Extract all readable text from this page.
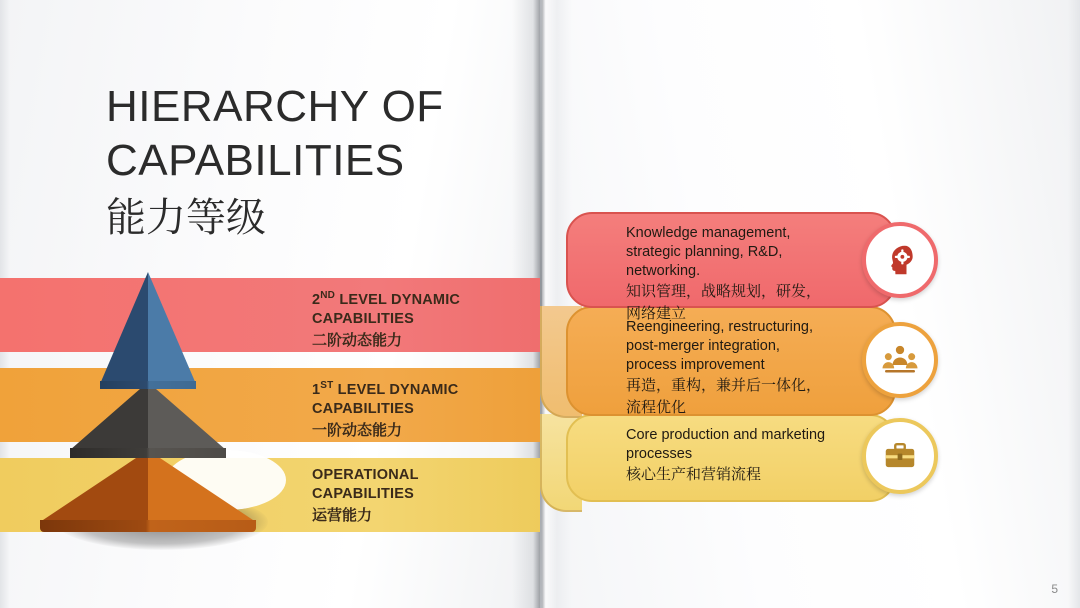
HIERARCHY OF CAPABILITIES
能力等级
2ND LEVEL DYNAMIC
CAPABILITIES
二阶动态能力
1ST LEVEL DYNAMIC
CAPABILITIES
一阶动态能力
OPERATIONAL
CAPABILITIES
运营能力
Core production and marketing processes
核心生产和营销流程
Reengineering, restructuring, post-merger integration, process improvement
再造，重构，兼并后一体化，流程优化
Knowledge management, strategic planning, R&D, networking.
知识管理，战略规划，研发，网络建立
5
